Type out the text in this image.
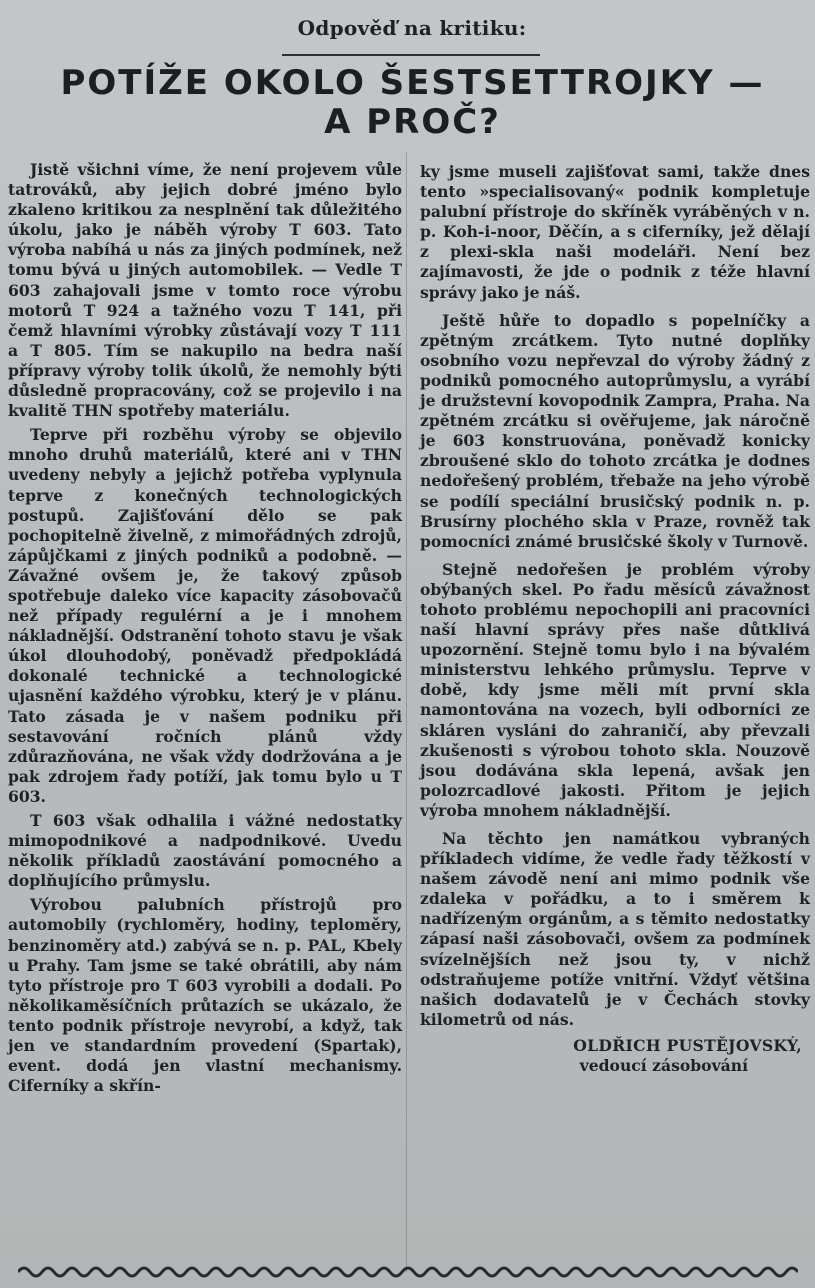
Odpověď na kritiku:
POTÍŽE OKOLO ŠESTSETTROJKY —
A PROČ?

Jistě všichni víme, že není projevem vůle tatrováků, aby jejich dobré jméno bylo zkaleno kritikou za nesplnění tak důležitého úkolu, jako je náběh výroby T 603. Tato výroba nabíhá u nás za jiných podmínek, než tomu bývá u jiných automobilek. — Vedle T 603 zahajovali jsme v tomto roce výrobu motorů T 924 a tažného vozu T 141, při čemž hlavními výrobky zůstávají vozy T 111 a T 805. Tím se nakupilo na bedra naší přípravy výroby tolik úkolů, že nemohly býti důsledně propracovány, což se projevilo i na kvalitě THN spotřeby materiálu.

Teprve při rozběhu výroby se objevilo mnoho druhů materiálů, které ani v THN uvedeny nebyly a jejichž potřeba vyplynula teprve z konečných technologických postupů. Zajišťování dělo se pak pochopitelně živelně, z mimořádných zdrojů, zápůjčkami z jiných podniků a podobně. — Závažné ovšem je, že takový způsob spotřebuje daleko více kapacity zásobovačů než případy regulérní a je i mnohem nákladnější. Odstranění tohoto stavu je však úkol dlouhodobý, poněvadž předpokládá dokonalé technické a technologické ujasnění každého výrobku, který je v plánu. Tato zásada je v našem podniku při sestavování ročních plánů vždy zdůrazňována, ne však vždy dodržována a je pak zdrojem řady potíží, jak tomu bylo u T 603.

T 603 však odhalila i vážné nedostatky mimopodnikové a nadpodnikové. Uvedu několik příkladů zaostávání pomocného a doplňujícího průmyslu.

Výrobou palubních přístrojů pro automobily (rychloměry, hodiny, teploměry, benzinoměry atd.) zabývá se n. p. PAL, Kbely u Prahy. Tam jsme se také obrátili, aby nám tyto přístroje pro T 603 vyrobili a dodali. Po několikaměsíčních průtazích se ukázalo, že tento podnik přístroje nevyrobí, a když, tak jen ve standardním provedení (Spartak), event. dodá jen vlastní mechanismy. Ciferníky a skřín-

ky jsme museli zajišťovat sami, takže dnes tento »specialisovaný« podnik kompletuje palubní přístroje do skříněk vyráběných v n. p. Koh-i-noor, Děčín, a s ciferníky, jež dělají z plexi-skla naši modeláři. Není bez zajímavosti, že jde o podnik z téže hlavní správy jako je náš.

Ještě hůře to dopadlo s popelníčky a zpětným zrcátkem. Tyto nutné doplňky osobního vozu nepřevzal do výroby žádný z podniků pomocného autoprůmyslu, a vyrábí je družstevní kovopodnik Zampra, Praha. Na zpětném zrcátku si ověřujeme, jak náročně je 603 konstruována, poněvadž konicky zbroušené sklo do tohoto zrcátka je dodnes nedořešený problém, třebaže na jeho výrobě se podílí speciální brusičský podnik n. p. Brusírny plochého skla v Praze, rovněž tak pomocníci známé brusičské školy v Turnově.

Stejně nedořešen je problém výroby obýbaných skel. Po řadu měsíců závažnost tohoto problému nepochopili ani pracovníci naší hlavní správy přes naše důtklivá upozornění. Stejně tomu bylo i na bývalém ministerstvu lehkého průmyslu. Teprve v době, kdy jsme měli mít první skla namontována na vozech, byli odborníci ze skláren vysláni do zahraničí, aby převzali zkušenosti s výrobou tohoto skla. Nouzově jsou dodávána skla lepená, avšak jen polozrcadlové jakosti. Přitom je jejich výroba mnohem nákladnější.

Na těchto jen namátkou vybraných příkladech vidíme, že vedle řady těžkostí v našem závodě není ani mimo podnik vše zdaleka v pořádku, a to i směrem k nadřízeným orgánům, a s těmito nedostatky zápasí naši zásobovači, ovšem za podmínek svízelnějších než jsou ty, v nichž odstraňujeme potíže vnitřní. Vždyť většina našich dodavatelů je v Čechách stovky kilometrů od nás.

OLDŘICH PUSTĚJOVSKÝ,
vedoucí zásobování
